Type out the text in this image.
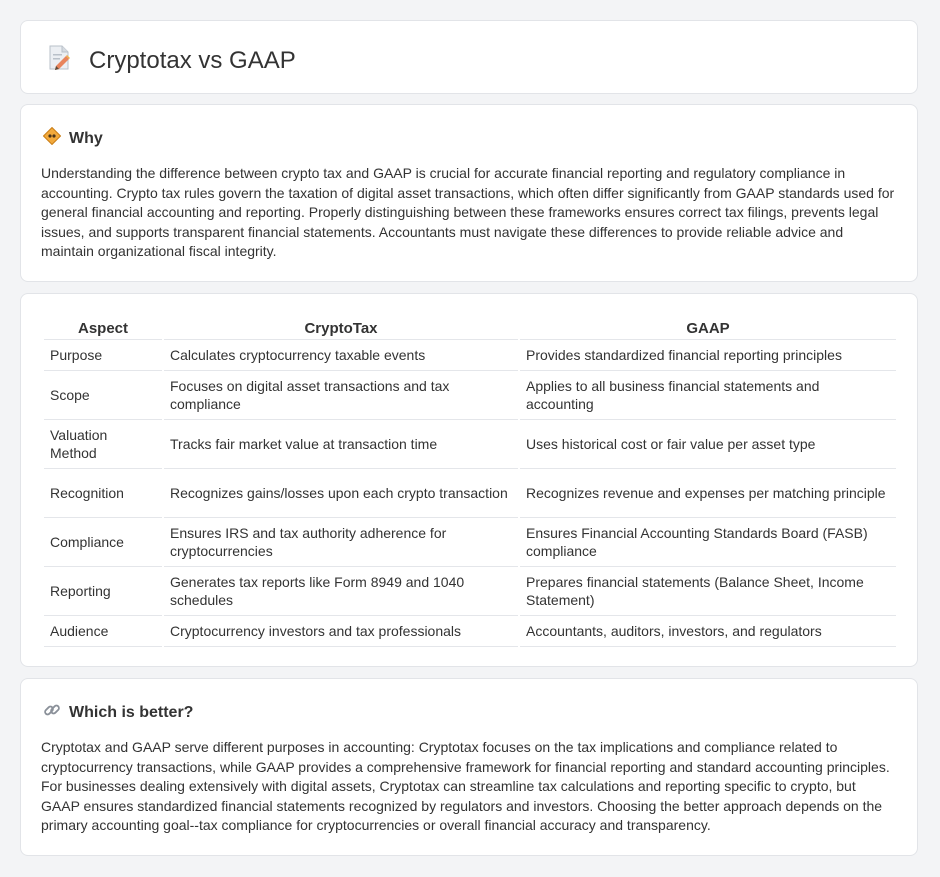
Cryptotax vs GAAP
Why

Understanding the difference between crypto tax and GAAP is crucial for accurate financial reporting and regulatory compliance in accounting. Crypto tax rules govern the taxation of digital asset transactions, which often differ significantly from GAAP standards used for general financial accounting and reporting. Properly distinguishing between these frameworks ensures correct tax filings, prevents legal issues, and supports transparent financial statements. Accountants must navigate these differences to provide reliable advice and maintain organizational fiscal integrity.

Aspect	CryptoTax	GAAP
Purpose	Calculates cryptocurrency taxable events	Provides standardized financial reporting principles
Scope	Focuses on digital asset transactions and tax compliance	Applies to all business financial statements and accounting
Valuation Method	Tracks fair market value at transaction time	Uses historical cost or fair value per asset type
Recognition	Recognizes gains/losses upon each crypto transaction	Recognizes revenue and expenses per matching principle
Compliance	Ensures IRS and tax authority adherence for cryptocurrencies	Ensures Financial Accounting Standards Board (FASB) compliance
Reporting	Generates tax reports like Form 8949 and 1040 schedules	Prepares financial statements (Balance Sheet, Income Statement)
Audience	Cryptocurrency investors and tax professionals	Accountants, auditors, investors, and regulators
Which is better?

Cryptotax and GAAP serve different purposes in accounting: Cryptotax focuses on the tax implications and compliance related to cryptocurrency transactions, while GAAP provides a comprehensive framework for financial reporting and standard accounting principles. For businesses dealing extensively with digital assets, Cryptotax can streamline tax calculations and reporting specific to crypto, but GAAP ensures standardized financial statements recognized by regulators and investors. Choosing the better approach depends on the primary accounting goal--tax compliance for cryptocurrencies or overall financial accuracy and transparency.
